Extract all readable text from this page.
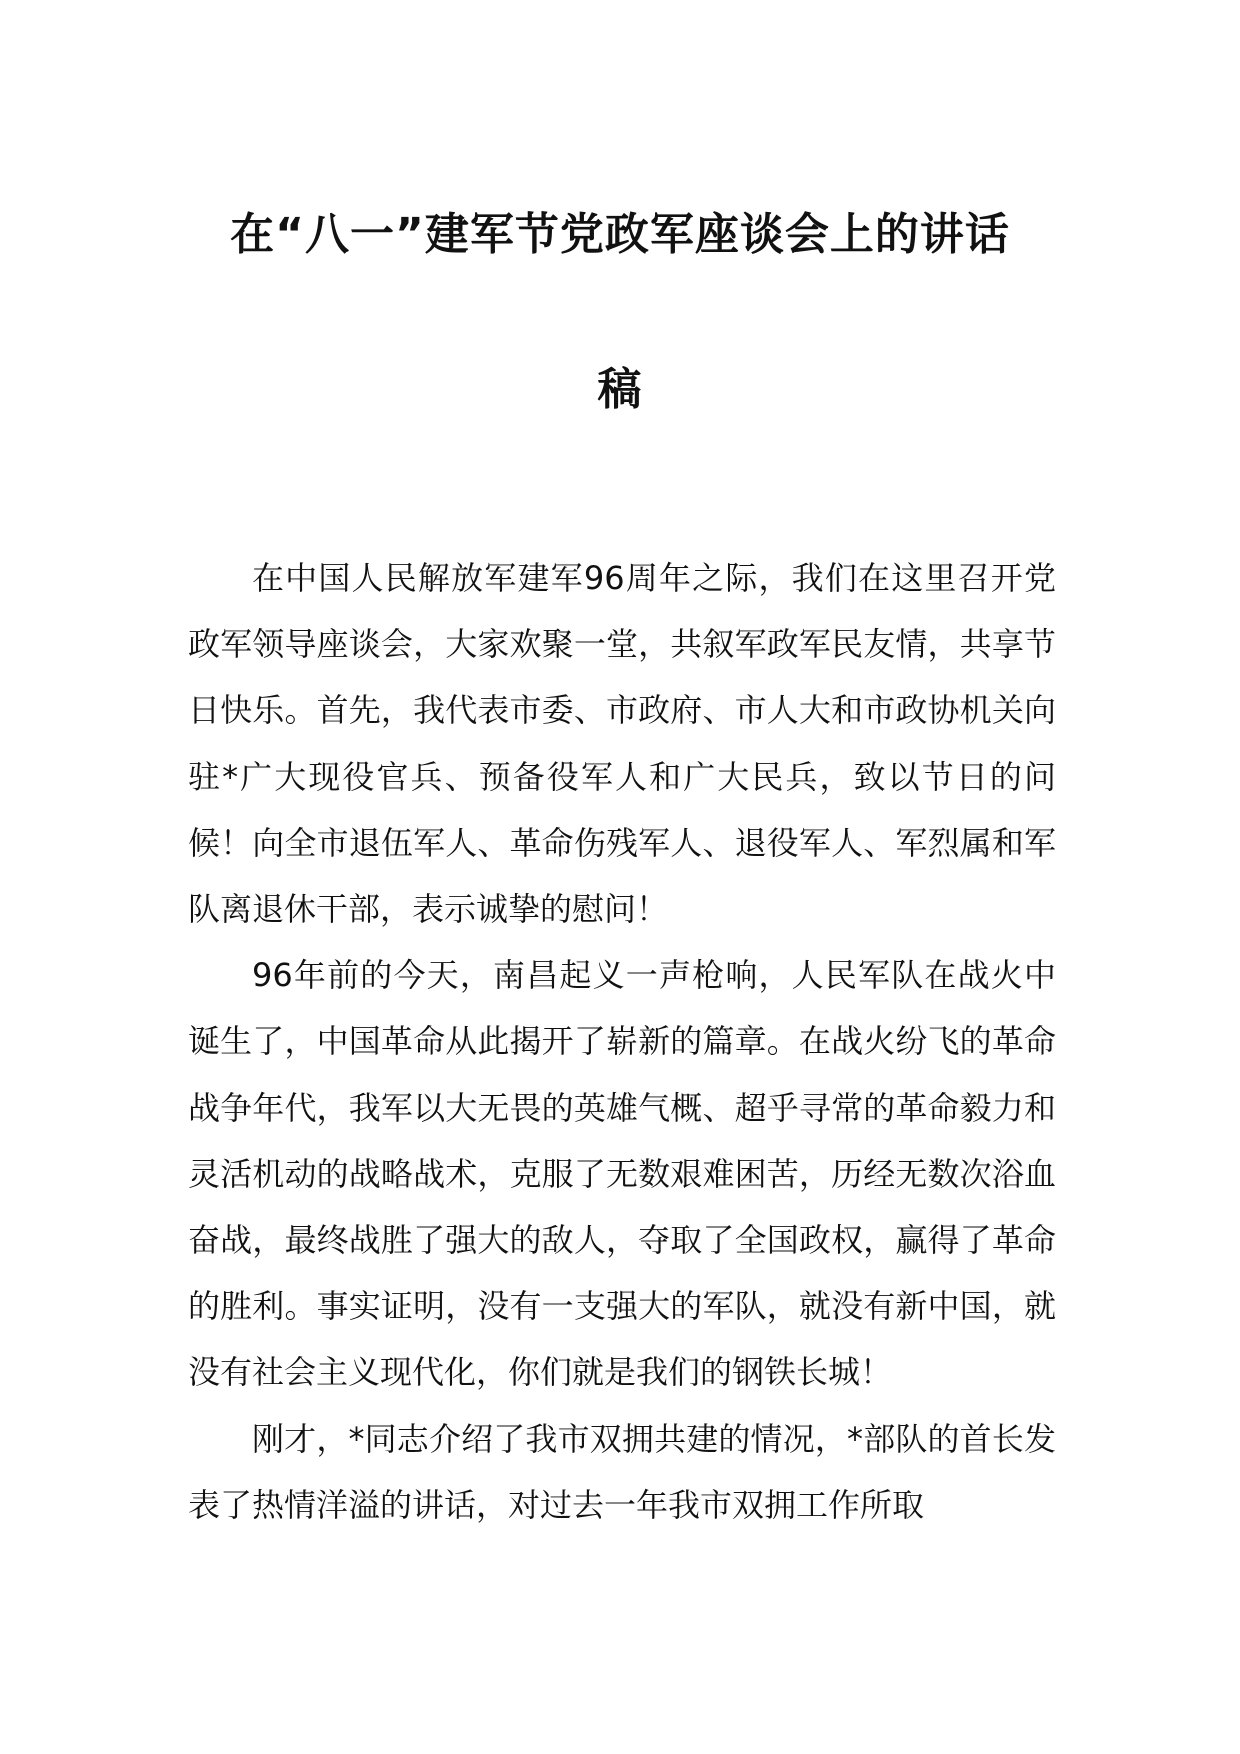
在“八一”建军节党政军座谈会上的讲话
稿

在中国人民解放军建军96周年之际，我们在这里召开党政军领导座谈会，大家欢聚一堂，共叙军政军民友情，共享节日快乐。首先，我代表市委、市政府、市人大和市政协机关向驻*广大现役官兵、预备役军人和广大民兵，致以节日的问候！向全市退伍军人、革命伤残军人、退役军人、军烈属和军队离退休干部，表示诚挚的慰问！

96年前的今天，南昌起义一声枪响，人民军队在战火中诞生了，中国革命从此揭开了崭新的篇章。在战火纷飞的革命战争年代，我军以大无畏的英雄气概、超乎寻常的革命毅力和灵活机动的战略战术，克服了无数艰难困苦，历经无数次浴血奋战，最终战胜了强大的敌人，夺取了全国政权，赢得了革命的胜利。事实证明，没有一支强大的军队，就没有新中国，就没有社会主义现代化，你们就是我们的钢铁长城！

刚才，*同志介绍了我市双拥共建的情况，*部队的首长发表了热情洋溢的讲话，对过去一年我市双拥工作所取
